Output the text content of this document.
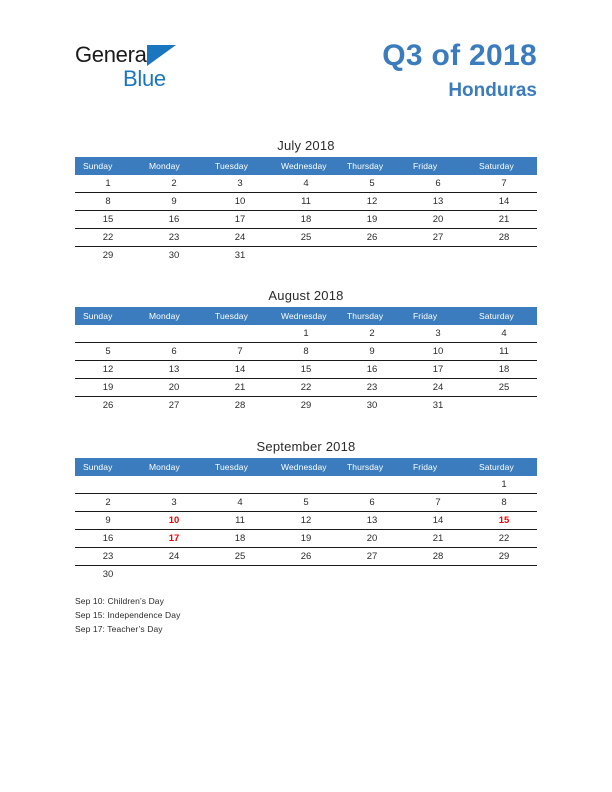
General
Blue
Q3 of 2018
Honduras
July 2018
Sunday	Monday	Tuesday	Wednesday	Thursday	Friday	Saturday
1	2	3	4	5	6	7
8	9	10	11	12	13	14
15	16	17	18	19	20	21
22	23	24	25	26	27	28
29	30	31				
August 2018
Sunday	Monday	Tuesday	Wednesday	Thursday	Friday	Saturday
			1	2	3	4
5	6	7	8	9	10	11
12	13	14	15	16	17	18
19	20	21	22	23	24	25
26	27	28	29	30	31	
September 2018
Sunday	Monday	Tuesday	Wednesday	Thursday	Friday	Saturday
						1
2	3	4	5	6	7	8
9	10	11	12	13	14	15
16	17	18	19	20	21	22
23	24	25	26	27	28	29
30						
Sep 10: Children’s Day
Sep 15: Independence Day
Sep 17: Teacher’s Day
